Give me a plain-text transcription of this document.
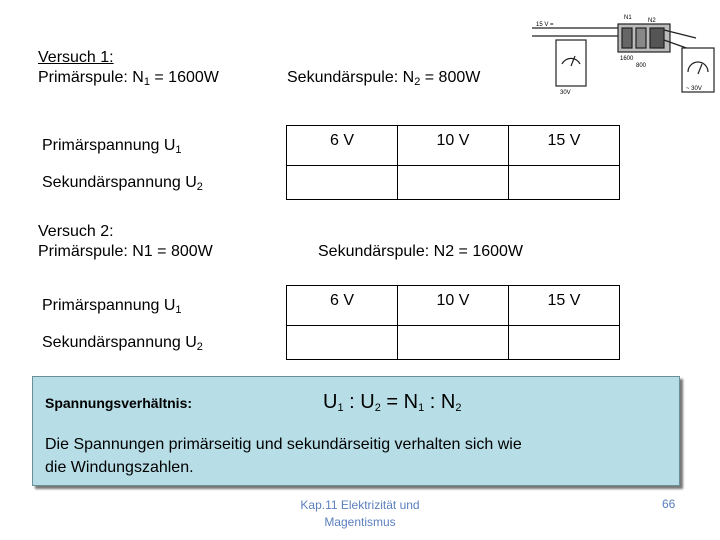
15 V =
N1	N2
1600
800
30V
~ 30V
Versuch 1:
Primärspule: $N_1 = 1600W$	Sekundärspule: $N_2 = 800W$
Primärspannung $U_1$	6 V	10 V	15 V
Sekundärspannung $U_2$			
Versuch 2:
Primärspule: N1 = 800W	Sekundärspule: N2 = 1600W
Primärspannung $U_1$	6 V	10 V	15 V
Sekundärspannung $U_2$			
Spannungsverhältnis:	$U_1$ : $U_2 = N_1$ : $N_2$
Die Spannungen primärseitig und sekundärseitig verhalten sich wie
die Windungszahlen.
Kap.11 Elektrizität und
Magentismus
66
